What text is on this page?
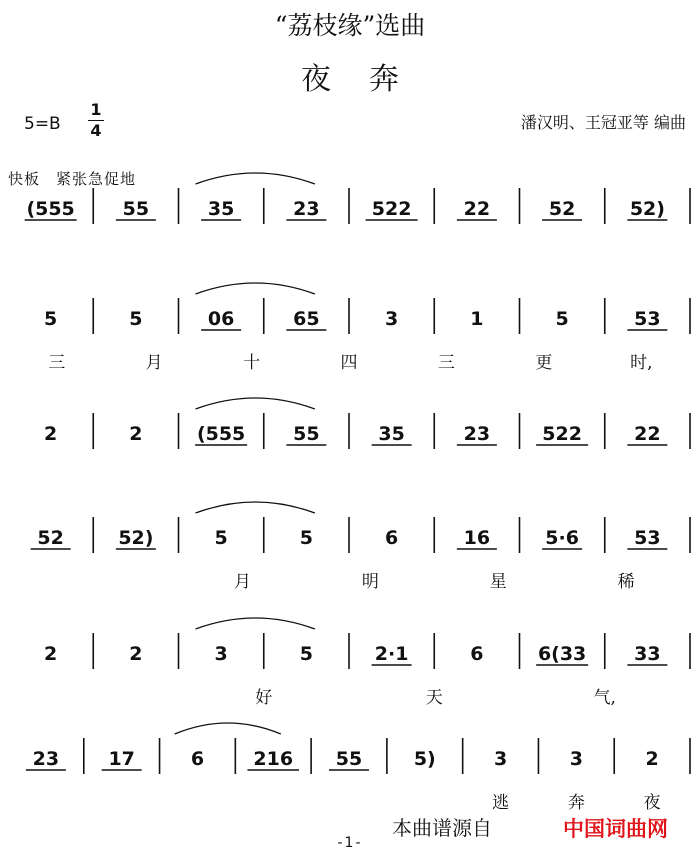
“荔枝缘”选曲
夜奔
$5=B \frac{1}{4}$	潘汉明、王冠亚等 编曲
快板　紧张急促地
(555	55	35	23	522	22	52	52)
5	5	06	65	3	1	5	53
三	月	十	四	三	更	时,
2	2	(555	55	35	23	522	22
52	52)	5	5	6	16	5·6	53
月	明	星	稀
2	2	3	5	2·1	6	6(33	33
好	天	气,
23	17	6	216 55	5)	3	3	2
逃	奔	夜
本曲谱源自	中国词曲网
-1-
